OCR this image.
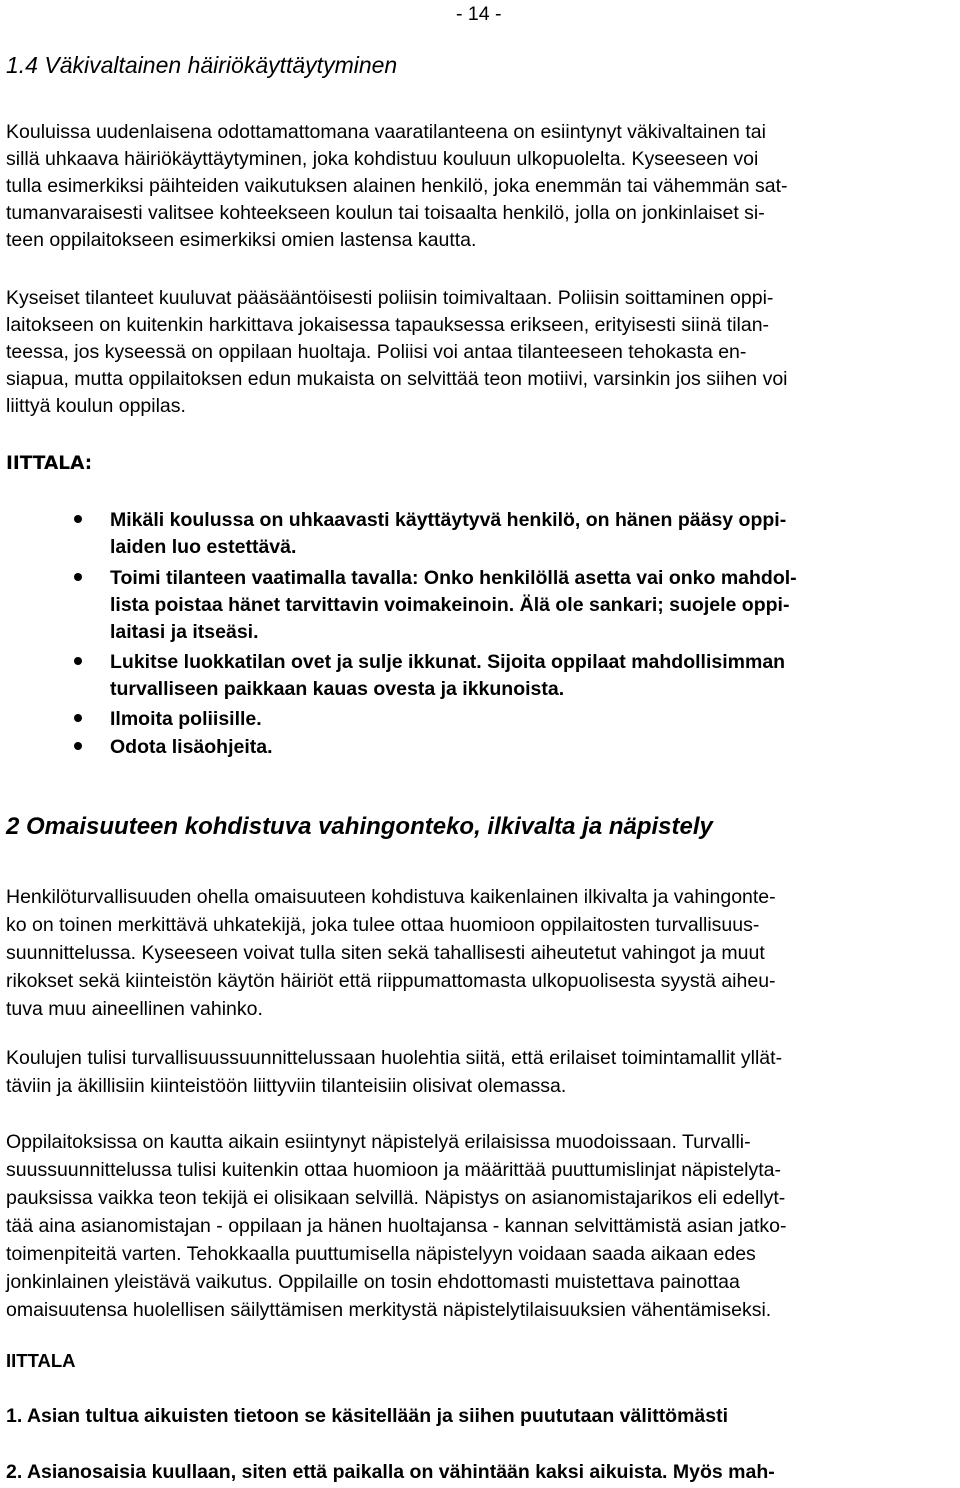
- 14 -
1.4 Väkivaltainen häiriökäyttäytyminen
Kouluissa uudenlaisena odottamattomana vaaratilanteena on esiintynyt väkivaltainen tai
sillä uhkaava häiriökäyttäytyminen, joka kohdistuu kouluun ulkopuolelta. Kyseeseen voi
tulla esimerkiksi päihteiden vaikutuksen alainen henkilö, joka enemmän tai vähemmän sat-
tumanvaraisesti valitsee kohteekseen koulun tai toisaalta henkilö, jolla on jonkinlaiset si-
teen oppilaitokseen esimerkiksi omien lastensa kautta.
Kyseiset tilanteet kuuluvat pääsääntöisesti poliisin toimivaltaan. Poliisin soittaminen oppi-
laitokseen on kuitenkin harkittava jokaisessa tapauksessa erikseen, erityisesti siinä tilan-
teessa, jos kyseessä on oppilaan huoltaja. Poliisi voi antaa tilanteeseen tehokasta en-
siapua, mutta oppilaitoksen edun mukaista on selvittää teon motiivi, varsinkin jos siihen voi
liittyä koulun oppilas.
IITTALA:
Mikäli koulussa on uhkaavasti käyttäytyvä henkilö, on hänen pääsy oppi-
laiden luo estettävä.
Toimi tilanteen vaatimalla tavalla: Onko henkilöllä asetta vai onko mahdol-
lista poistaa hänet tarvittavin voimakeinoin. Älä ole sankari; suojele oppi-
laitasi ja itseäsi.
Lukitse luokkatilan ovet ja sulje ikkunat. Sijoita oppilaat mahdollisimman
turvalliseen paikkaan kauas ovesta ja ikkunoista.
Ilmoita poliisille.
Odota lisäohjeita.
2 Omaisuuteen kohdistuva vahingonteko, ilkivalta ja näpistely
Henkilöturvallisuuden ohella omaisuuteen kohdistuva kaikenlainen ilkivalta ja vahingonte-
ko on toinen merkittävä uhkatekijä, joka tulee ottaa huomioon oppilaitosten turvallisuus-
suunnittelussa. Kyseeseen voivat tulla siten sekä tahallisesti aiheutetut vahingot ja muut
rikokset sekä kiinteistön käytön häiriöt että riippumattomasta ulkopuolisesta syystä aiheu-
tuva muu aineellinen vahinko.
Koulujen tulisi turvallisuussuunnittelussaan huolehtia siitä, että erilaiset toimintamallit yllät-
täviin ja äkillisiin kiinteistöön liittyviin tilanteisiin olisivat olemassa.
Oppilaitoksissa on kautta aikain esiintynyt näpistelyä erilaisissa muodoissaan. Turvalli-
suussuunnittelussa tulisi kuitenkin ottaa huomioon ja määrittää puuttumislinjat näpistelyta-
pauksissa vaikka teon tekijä ei olisikaan selvillä. Näpistys on asianomistajarikos eli edellyt-
tää aina asianomistajan - oppilaan ja hänen huoltajansa - kannan selvittämistä asian jatko-
toimenpiteitä varten. Tehokkaalla puuttumisella näpistelyyn voidaan saada aikaan edes
jonkinlainen yleistävä vaikutus. Oppilaille on tosin ehdottomasti muistettava painottaa
omaisuutensa huolellisen säilyttämisen merkitystä näpistelytilaisuuksien vähentämiseksi.
IITTALA
1. Asian tultua aikuisten tietoon se käsitellään ja siihen puututaan välittömästi
2. Asianosaisia kuullaan, siten että paikalla on vähintään kaksi aikuista. Myös mah-
